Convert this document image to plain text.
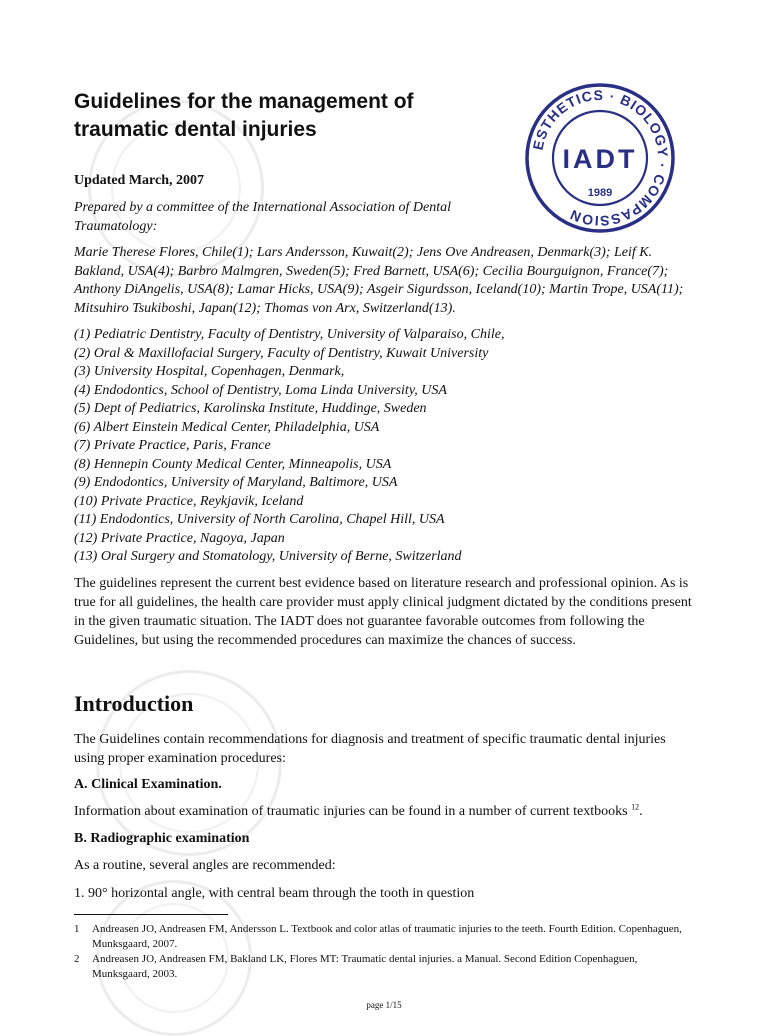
ESTHETICS · BIOLOGY · COMPASSION
IADT
1989
Guidelines for the management of traumatic dental injuries
Updated March, 2007
Prepared by a committee of the International Association of Dental Traumatology:
Marie Therese Flores, Chile(1); Lars Andersson, Kuwait(2); Jens Ove Andreasen, Denmark(3); Leif K. Bakland, USA(4); Barbro Malmgren, Sweden(5); Fred Barnett, USA(6); Cecilia Bourguignon, France(7); Anthony DiAngelis, USA(8); Lamar Hicks, USA(9); Asgeir Sigurdsson, Iceland(10); Martin Trope, USA(11); Mitsuhiro Tsukiboshi, Japan(12); Thomas von Arx, Switzerland(13).
(1) Pediatric Dentistry, Faculty of Dentistry, University of Valparaiso, Chile,
(2) Oral & Maxillofacial Surgery, Faculty of Dentistry, Kuwait University
(3) University Hospital, Copenhagen, Denmark,
(4) Endodontics, School of Dentistry, Loma Linda University, USA
(5) Dept of Pediatrics, Karolinska Institute, Huddinge, Sweden
(6) Albert Einstein Medical Center, Philadelphia, USA
(7) Private Practice, Paris, France
(8) Hennepin County Medical Center, Minneapolis, USA
(9) Endodontics, University of Maryland, Baltimore, USA
(10) Private Practice, Reykjavik, Iceland
(11) Endodontics, University of North Carolina, Chapel Hill, USA
(12) Private Practice, Nagoya, Japan
(13) Oral Surgery and Stomatology, University of Berne, Switzerland

The guidelines represent the current best evidence based on literature research and professional opinion. As is true for all guidelines, the health care provider must apply clinical judgment dictated by the conditions present in the given traumatic situation. The IADT does not guarantee favorable outcomes from following the Guidelines, but using the recommended procedures can maximize the chances of success.

Introduction

The Guidelines contain recommendations for diagnosis and treatment of specific traumatic dental injuries using proper examination procedures:

A. Clinical Examination.

Information about examination of traumatic injuries can be found in a number of current textbooks $^{12}$.

B. Radiographic examination

As a routine, several angles are recommended:

1. 90° horizontal angle, with central beam through the tooth in question

1	Andreasen JO, Andreasen FM, Andersson L. Textbook and color atlas of traumatic injuries to the teeth. Fourth Edition. Copenhaguen, Munksgaard, 2007.
2	Andreasen JO, Andreasen FM, Bakland LK, Flores MT: Traumatic dental injuries. a Manual. Second Edition Copenhaguen, Munksgaard, 2003.
page 1/15
